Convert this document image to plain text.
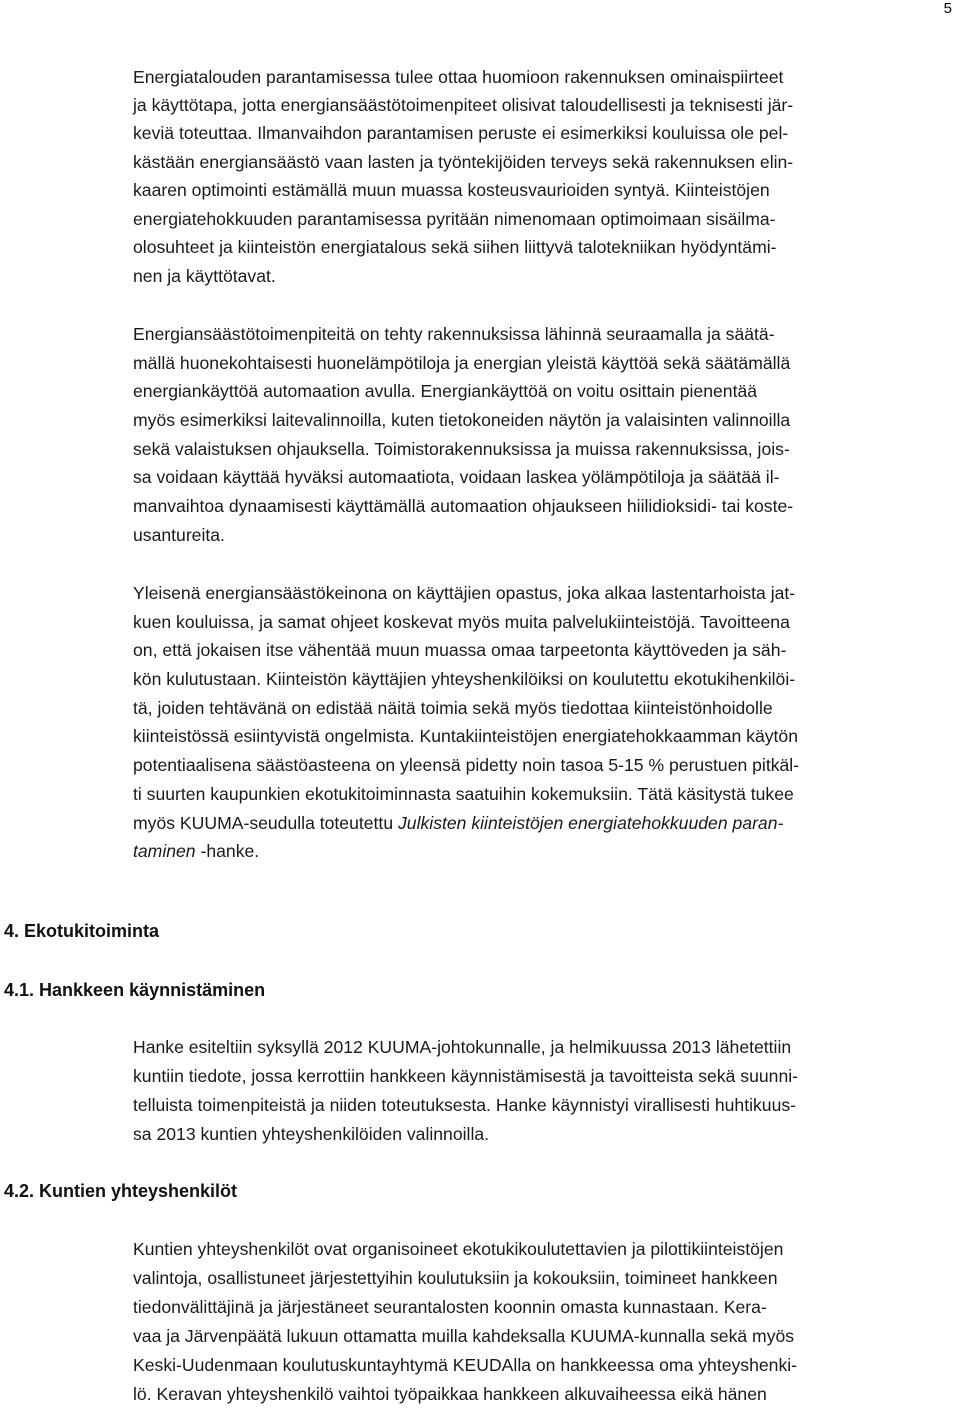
5
Energiatalouden parantamisessa tulee ottaa huomioon rakennuksen ominaispiirteet
ja käyttötapa, jotta energiansäästötoimenpiteet olisivat taloudellisesti ja teknisesti jär-
keviä toteuttaa. Ilmanvaihdon parantamisen peruste ei esimerkiksi kouluissa ole pel-
kästään energiansäästö vaan lasten ja työntekijöiden terveys sekä rakennuksen elin-
kaaren optimointi estämällä muun muassa kosteusvaurioiden syntyä. Kiinteistöjen
energiatehokkuuden parantamisessa pyritään nimenomaan optimoimaan sisäilma-
olosuhteet ja kiinteistön energiatalous sekä siihen liittyvä talotekniikan hyödyntämi-
nen ja käyttötavat.
Energiansäästötoimenpiteitä on tehty rakennuksissa lähinnä seuraamalla ja säätä-
mällä huonekohtaisesti huonelämpötiloja ja energian yleistä käyttöä sekä säätämällä
energiankäyttöä automaation avulla. Energiankäyttöä on voitu osittain pienentää
myös esimerkiksi laitevalinnoilla, kuten tietokoneiden näytön ja valaisinten valinnoilla
sekä valaistuksen ohjauksella. Toimistorakennuksissa ja muissa rakennuksissa, jois-
sa voidaan käyttää hyväksi automaatiota, voidaan laskea yölämpötiloja ja säätää il-
manvaihtoa dynaamisesti käyttämällä automaation ohjaukseen hiilidioksidi- tai koste-
usantureita.
Yleisenä energiansäästökeinona on käyttäjien opastus, joka alkaa lastentarhoista jat-
kuen kouluissa, ja samat ohjeet koskevat myös muita palvelukiinteistöjä. Tavoitteena
on, että jokaisen itse vähentää muun muassa omaa tarpeetonta käyttöveden ja säh-
kön kulutustaan. Kiinteistön käyttäjien yhteyshenkilöiksi on koulutettu ekotukihenkilöi-
tä, joiden tehtävänä on edistää näitä toimia sekä myös tiedottaa kiinteistönhoidolle
kiinteistössä esiintyvistä ongelmista. Kuntakiinteistöjen energiatehokkaamman käytön
potentiaalisena säästöasteena on yleensä pidetty noin tasoa 5-15 % perustuen pitkäl-
ti suurten kaupunkien ekotukitoiminnasta saatuihin kokemuksiin. Tätä käsitystä tukee
myös KUUMA-seudulla toteutettu Julkisten kiinteistöjen energiatehokkuuden paran-
taminen -hanke.
4. Ekotukitoiminta
4.1. Hankkeen käynnistäminen
Hanke esiteltiin syksyllä 2012 KUUMA-johtokunnalle, ja helmikuussa 2013 lähetettiin
kuntiin tiedote, jossa kerrottiin hankkeen käynnistämisestä ja tavoitteista sekä suunni-
telluista toimenpiteistä ja niiden toteutuksesta. Hanke käynnistyi virallisesti huhtikuus-
sa 2013 kuntien yhteyshenkilöiden valinnoilla.
4.2. Kuntien yhteyshenkilöt
Kuntien yhteyshenkilöt ovat organisoineet ekotukikoulutettavien ja pilottikiinteistöjen
valintoja, osallistuneet järjestettyihin koulutuksiin ja kokouksiin, toimineet hankkeen
tiedonvälittäjinä ja järjestäneet seurantalosten koonnin omasta kunnastaan. Kera-
vaa ja Järvenpäätä lukuun ottamatta muilla kahdeksalla KUUMA-kunnalla sekä myös
Keski-Uudenmaan koulutuskuntayhtymä KEUDAlla on hankkeessa oma yhteyshenki-
lö. Keravan yhteyshenkilö vaihtoi työpaikkaa hankkeen alkuvaiheessa eikä hänen
